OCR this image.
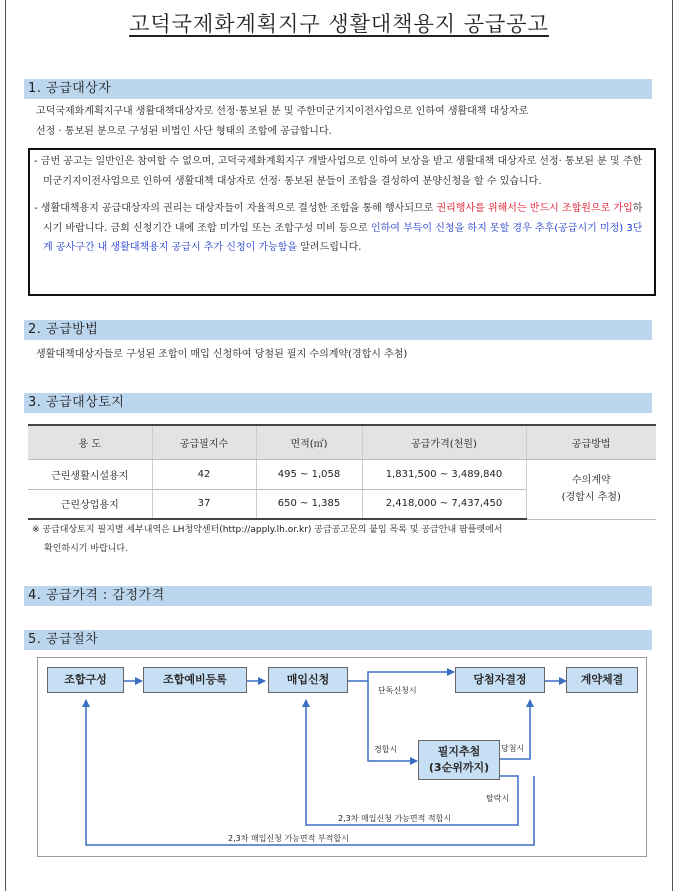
고덕국제화계획지구 생활대책용지 공급공고
1. 공급대상자
고덕국제화계획지구내 생활대책대상자로 선정·통보된 분 및 주한미군기지이전사업으로 인하여 생활대책 대상자로
선정 · 통보된 분으로 구성된 비법인 사단 형태의 조합에 공급합니다.
- 금번 공고는 일반인은 참여할 수 없으며, 고덕국제화계획지구 개발사업으로 인하여 보상을 받고 생활대책 대상자로 선정· 통보된 분 및 주한미군기지이전사업으로 인하여 생활대책 대상자로 선정· 통보된 분들이 조합을 결성하여 분양신청을 할 수 있습니다.
- 생활대책용지 공급대상자의 권리는 대상자들이 자율적으로 결성한 조합을 통해 행사되므로 권리행사를 위해서는 반드시 조합원으로 가입하시기 바랍니다. 금회 신청기간 내에 조합 미가입 또는 조합구성 미비 등으로 인하여 부득이 신청을 하지 못할 경우 추후(공급시기 미정) 3단계 공사구간 내 생활대책용지 공급시 추가 신청이 가능함을 알려드립니다.
2. 공급방법
생활대책대상자들로 구성된 조합이 매입 신청하여 당첨된 필지 수의계약(경합시 추첨)
3. 공급대상토지
용 도	공급필지수	면적(㎡)	공급가격(천원)	공급방법
근린생활시설용지	42	495 ~ 1,058	1,831,500 ~ 3,489,840	수의계약
(경합시 추첨)

근린상업용지	37	650 ~ 1,385	2,418,000 ~ 7,437,450	
※ 공급대상토지 필지별 세부내역은 LH청약센터(http://apply.lh.or.kr) 공급공고문의 붙임 목록 및 공급안내 팜플렛에서
확인하시기 바랍니다.
4. 공급가격 : 감정가격
5. 공급절차
조합구성	조합예비등록	매입신청	당첨자결정	계약체결
필지추첨
(3순위까지)
단독신청시
경합시	당첨시
탈락시
2,3차 매입신청 가능면적 적합시
2,3차 매입신청 가능면적 부적합시
